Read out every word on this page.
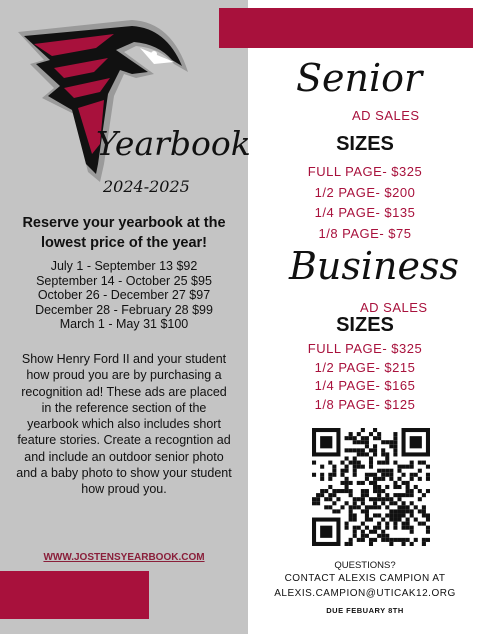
Yearbook
2024-2025
Reserve your yearbook at the lowest price of the year!
July 1 - September 13 $92
September 14 - October 25 $95
October 26 - December 27 $97
December 28 - February 28 $99
March 1 - May 31 $100
Show Henry Ford II and your student how proud you are by purchasing a recognition ad! These ads are placed in the reference section of the yearbook which also includes short feature stories. Create a recogntion ad and include an outdoor senior photo and a baby photo to show your student how proud you.
WWW.JOSTENSYEARBOOK.COM
Senior
AD SALES
SIZES
FULL PAGE- $325
1/2 PAGE- $200
1/4 PAGE- $135
1/8 PAGE- $75
Business
AD SALES
SIZES
FULL PAGE- $325
1/2 PAGE- $215
1/4 PAGE- $165
1/8 PAGE- $125
QUESTIONS?
CONTACT ALEXIS CAMPION AT
ALEXIS.CAMPION@UTICAK12.ORG
DUE FEBUARY 8TH
